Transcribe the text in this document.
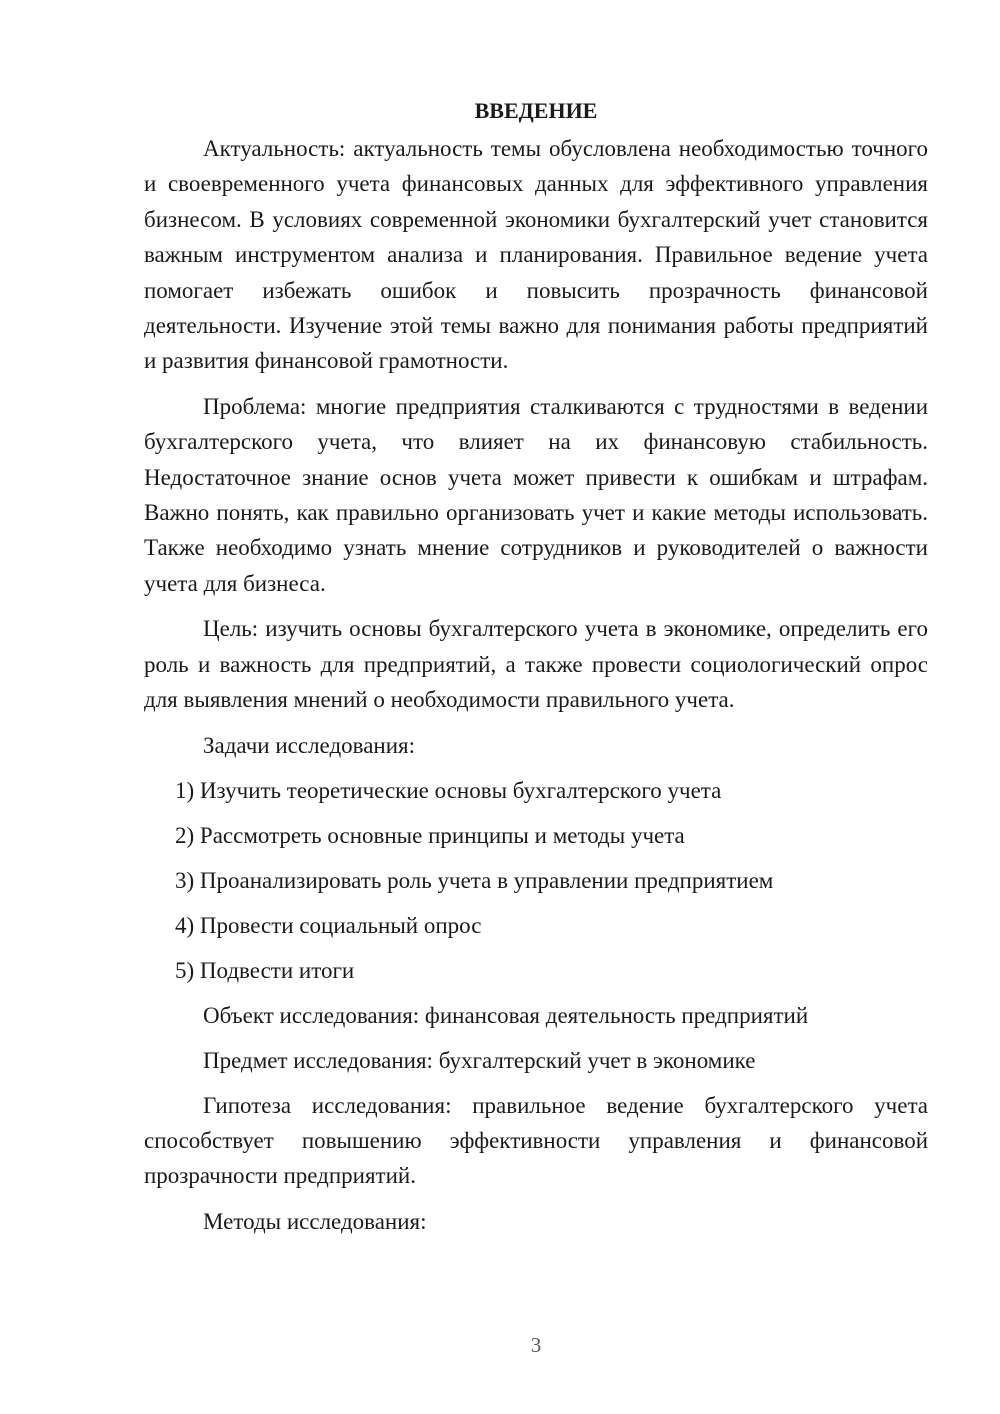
ВВЕДЕНИЕ

Актуальность: актуальность темы обусловлена необходимостью точного и своевременного учета финансовых данных для эффективного управления бизнесом. В условиях современной экономики бухгалтерский учет становится важным инструментом анализа и планирования. Правильное ведение учета помогает избежать ошибок и повысить прозрачность финансовой деятельности. Изучение этой темы важно для понимания работы предприятий и развития финансовой грамотности.

Проблема: многие предприятия сталкиваются с трудностями в ведении бухгалтерского учета, что влияет на их финансовую стабильность. Недостаточное знание основ учета может привести к ошибкам и штрафам. Важно понять, как правильно организовать учет и какие методы использовать. Также необходимо узнать мнение сотрудников и руководителей о важности учета для бизнеса.

Цель: изучить основы бухгалтерского учета в экономике, определить его роль и важность для предприятий, а также провести социологический опрос для выявления мнений о необходимости правильного учета.

Задачи исследования:
1) Изучить теоретические основы бухгалтерского учета
2) Рассмотреть основные принципы и методы учета
3) Проанализировать роль учета в управлении предприятием
4) Провести социальный опрос
5) Подвести итоги
Объект исследования: финансовая деятельность предприятий
Предмет исследования: бухгалтерский учет в экономике

Гипотеза исследования: правильное ведение бухгалтерского учета способствует повышению эффективности управления и финансовой прозрачности предприятий.

Методы исследования:
3
